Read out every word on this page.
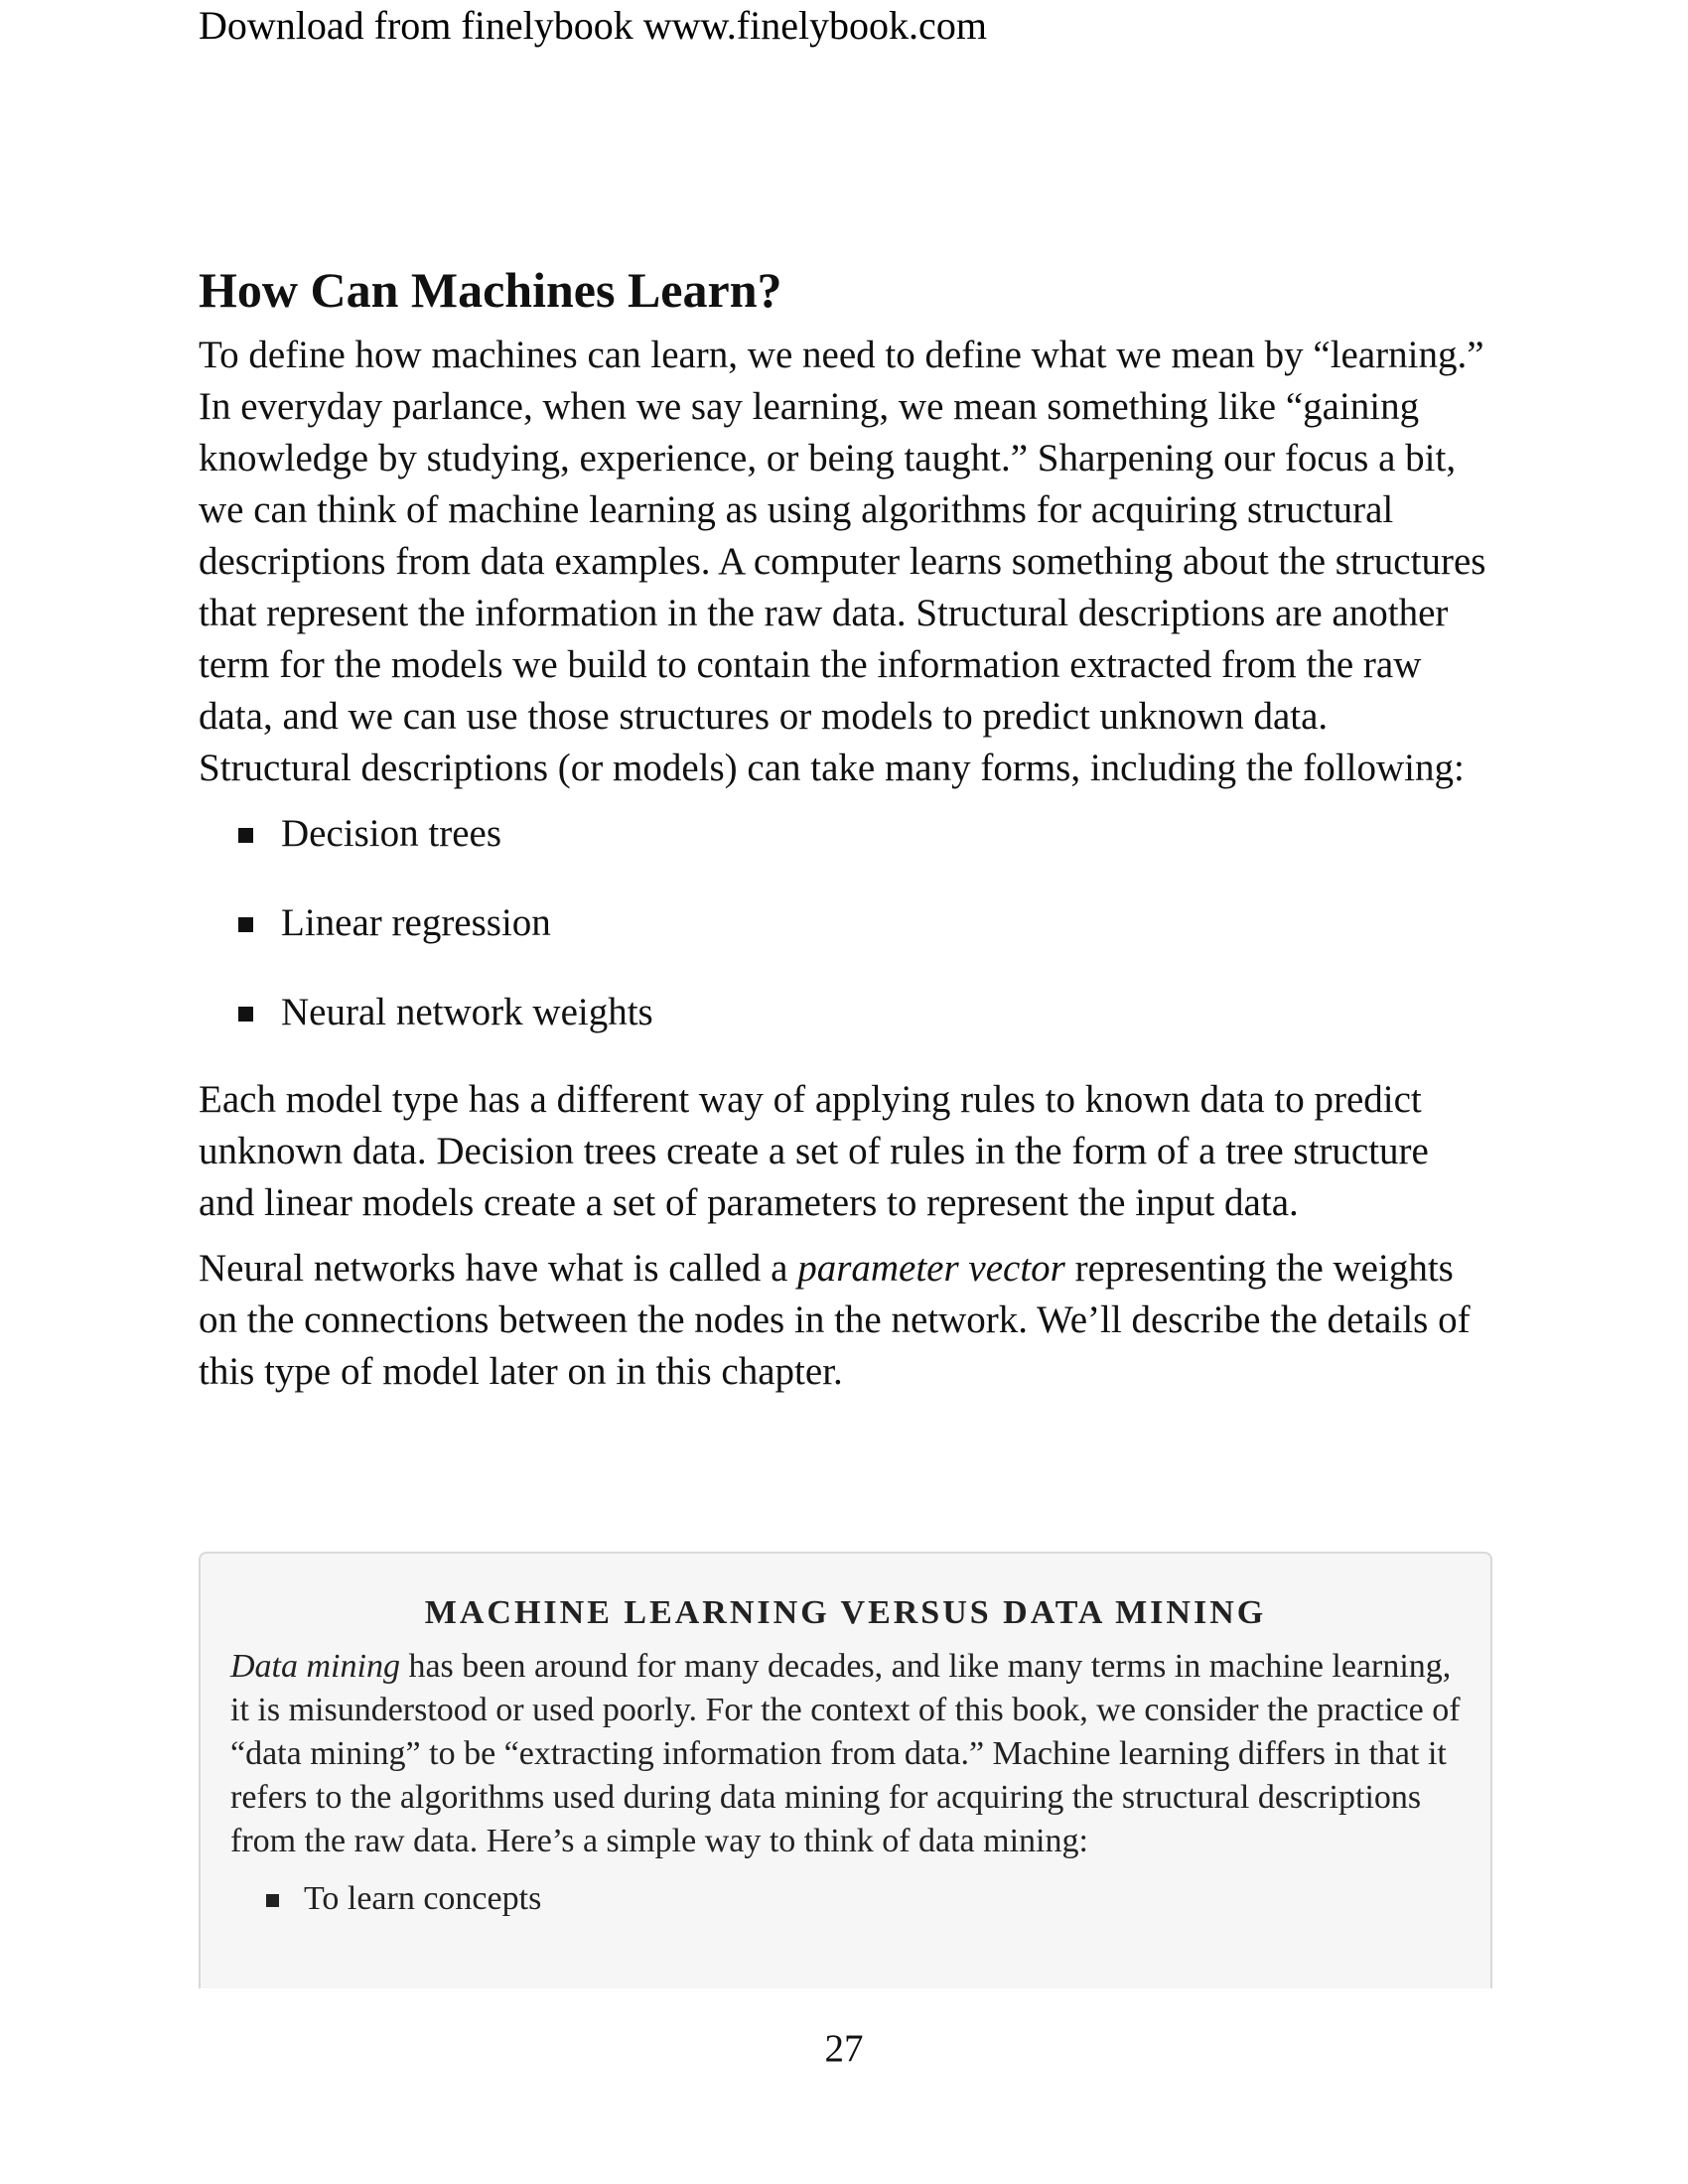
Download from finelybook www.finelybook.com
How Can Machines Learn?

To define how machines can learn, we need to define what we mean by “learning.” In everyday parlance, when we say learning, we mean something like “gaining knowledge by studying, experience, or being taught.” Sharpening our focus a bit, we can think of machine learning as using algorithms for acquiring structural descriptions from data examples. A computer learns something about the structures that represent the information in the raw data. Structural descriptions are another term for the models we build to contain the information extracted from the raw data, and we can use those structures or models to predict unknown data. Structural descriptions (or models) can take many forms, including the following:

Decision trees
Linear regression
Neural network weights

Each model type has a different way of applying rules to known data to predict unknown data. Decision trees create a set of rules in the form of a tree structure and linear models create a set of parameters to represent the input data.

Neural networks have what is called a parameter vector representing the weights on the connections between the nodes in the network. We’ll describe the details of this type of model later on in this chapter.

MACHINE LEARNING VERSUS DATA MINING

Data mining has been around for many decades, and like many terms in machine learning, it is misunderstood or used poorly. For the context of this book, we consider the practice of “data mining” to be “extracting information from data.” Machine learning differs in that it refers to the algorithms used during data mining for acquiring the structural descriptions from the raw data. Here’s a simple way to think of data mining:

To learn concepts
27
